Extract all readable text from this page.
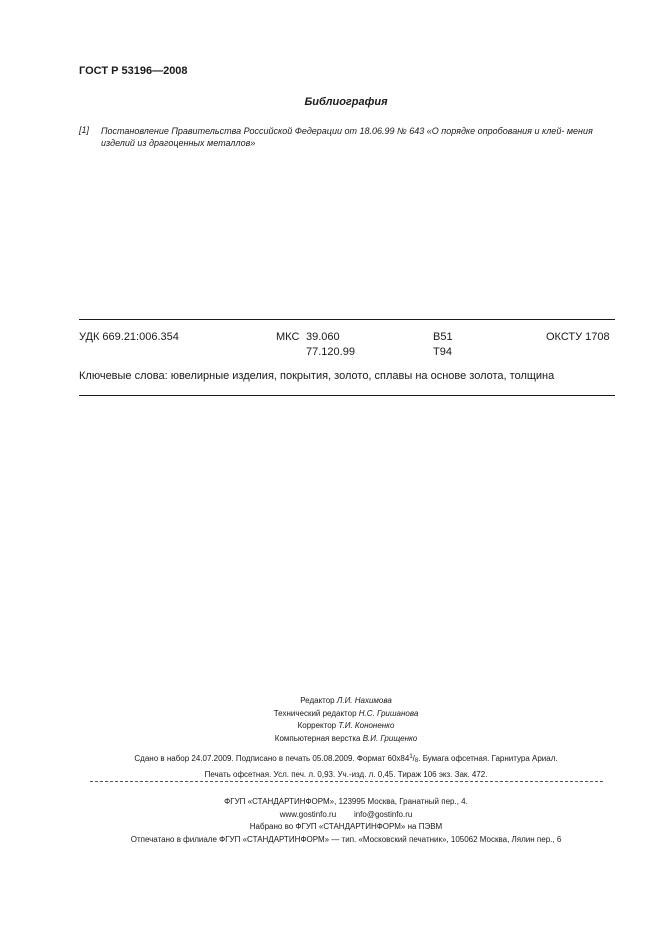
ГОСТ Р 53196—2008
Библиография
[1] Постановление Правительства Российской Федерации от 18.06.99 № 643 «О порядке опробования и клей- мения изделий из драгоценных металлов»
УДК 669.21:006.354	МКС 39.060
77.120.99
В51
Т94
ОКСТУ 1708
Ключевые слова: ювелирные изделия, покрытия, золото, сплавы на основе золота, толщина
Редактор Л.И. Нахимова
Технический редактор Н.С. Гришанова
Корректор Т.И. Кононенко
Компьютерная верстка В.И. Грищенко
Сдано в набор 24.07.2009. Подписано в печать 05.08.2009. Формат $60х84^1/_8$. Бумага офсетная. Гарнитура Ариал.
Печать офсетная. Усл. печ. л. 0,93. Уч.-изд. л. 0,45. Тираж 106 экз. Зак. 472.
ФГУП «СТАНДАРТИНФОРМ», 123995 Москва, Гранатный пер., 4.
www.gostinfo.ru        info@gostinfo.ru
Набрано во ФГУП «СТАНДАРТИНФОРМ» на ПЭВМ
Отпечатано в филиале ФГУП «СТАНДАРТИНФОРМ» — тип. «Московский печатник», 105062 Москва, Лялин пер., 6
